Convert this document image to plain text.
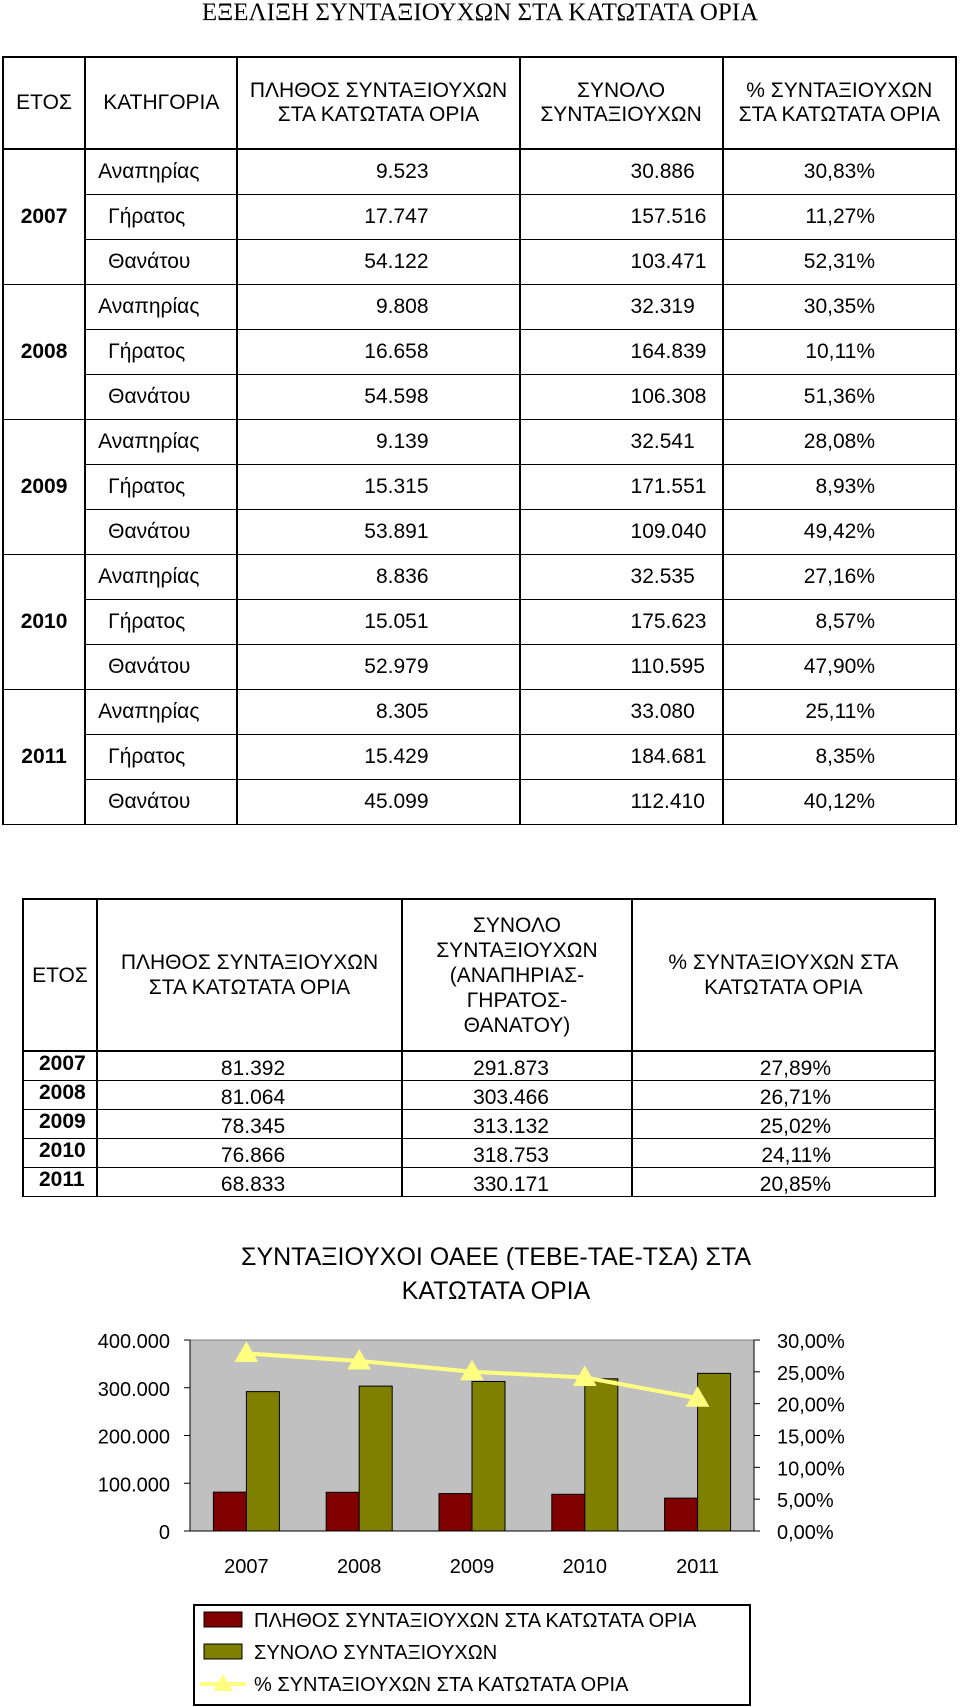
ΕΞΕΛΙΞΗ ΣΥΝΤΑΞΙΟΥΧΩΝ ΣΤΑ ΚΑΤΩΤΑΤΑ ΟΡΙΑ
ΕΤΟΣ	ΚΑΤΗΓΟΡΙΑ	ΠΛΗΘΟΣ ΣΥΝΤΑΞΙΟΥΧΩΝ ΣΤΑ ΚΑΤΩΤΑΤΑ ΟΡΙΑ	ΣΥΝΟΛΟ ΣΥΝΤΑΞΙΟΥΧΩΝ	% ΣΥΝΤΑΞΙΟΥΧΩΝ ΣΤΑ ΚΑΤΩΤΑΤΑ ΟΡΙΑ
2007	Αναπηρίας	9.523	30.886	30,83%
	Γήρατος	17.747	157.516	11,27%
	Θανάτου	54.122	103.471	52,31%
2008	Αναπηρίας	9.808	32.319	30,35%
	Γήρατος	16.658	164.839	10,11%
	Θανάτου	54.598	106.308	51,36%
2009	Αναπηρίας	9.139	32.541	28,08%
	Γήρατος	15.315	171.551	8,93%
	Θανάτου	53.891	109.040	49,42%
2010	Αναπηρίας	8.836	32.535	27,16%
	Γήρατος	15.051	175.623	8,57%
	Θανάτου	52.979	110.595	47,90%
2011	Αναπηρίας	8.305	33.080	25,11%
	Γήρατος	15.429	184.681	8,35%
	Θανάτου	45.099	112.410	40,12%
ΕΤΟΣ	ΠΛΗΘΟΣ ΣΥΝΤΑΞΙΟΥΧΩΝ ΣΤΑ ΚΑΤΩΤΑΤΑ ΟΡΙΑ	ΣΥΝΟΛΟ ΣΥΝΤΑΞΙΟΥΧΩΝ (ΑΝΑΠΗΡΙΑΣ-ΓΗΡΑΤΟΣ-ΘΑΝΑΤΟΥ)	% ΣΥΝΤΑΞΙΟΥΧΩΝ ΣΤΑ ΚΑΤΩΤΑΤΑ ΟΡΙΑ
2007	81.392	291.873	27,89%
2008	81.064	303.466	26,71%
2009	78.345	313.132	25,02%
2010	76.866	318.753	24,11%
2011	68.833	330.171	20,85%
ΣΥΝΤΑΞΙΟΥΧΟΙ ΟΑΕΕ (ΤΕΒΕ-ΤΑΕ-ΤΣΑ) ΣΤΑ ΚΑΤΩΤΑΤΑ ΟΡΙΑ
0
100.000
200.000
300.000
400.000
0,00%
5,00%
10,00%
15,00%
20,00%
25,00%
30,00%
2007	2008	2009	2010	2011
ΠΛΗΘΟΣ ΣΥΝΤΑΞΙΟΥΧΩΝ ΣΤΑ ΚΑΤΩΤΑΤΑ ΟΡΙΑ
ΣΥΝΟΛΟ ΣΥΝΤΑΞΙΟΥΧΩΝ
% ΣΥΝΤΑΞΙΟΥΧΩΝ ΣΤΑ ΚΑΤΩΤΑΤΑ ΟΡΙΑ
